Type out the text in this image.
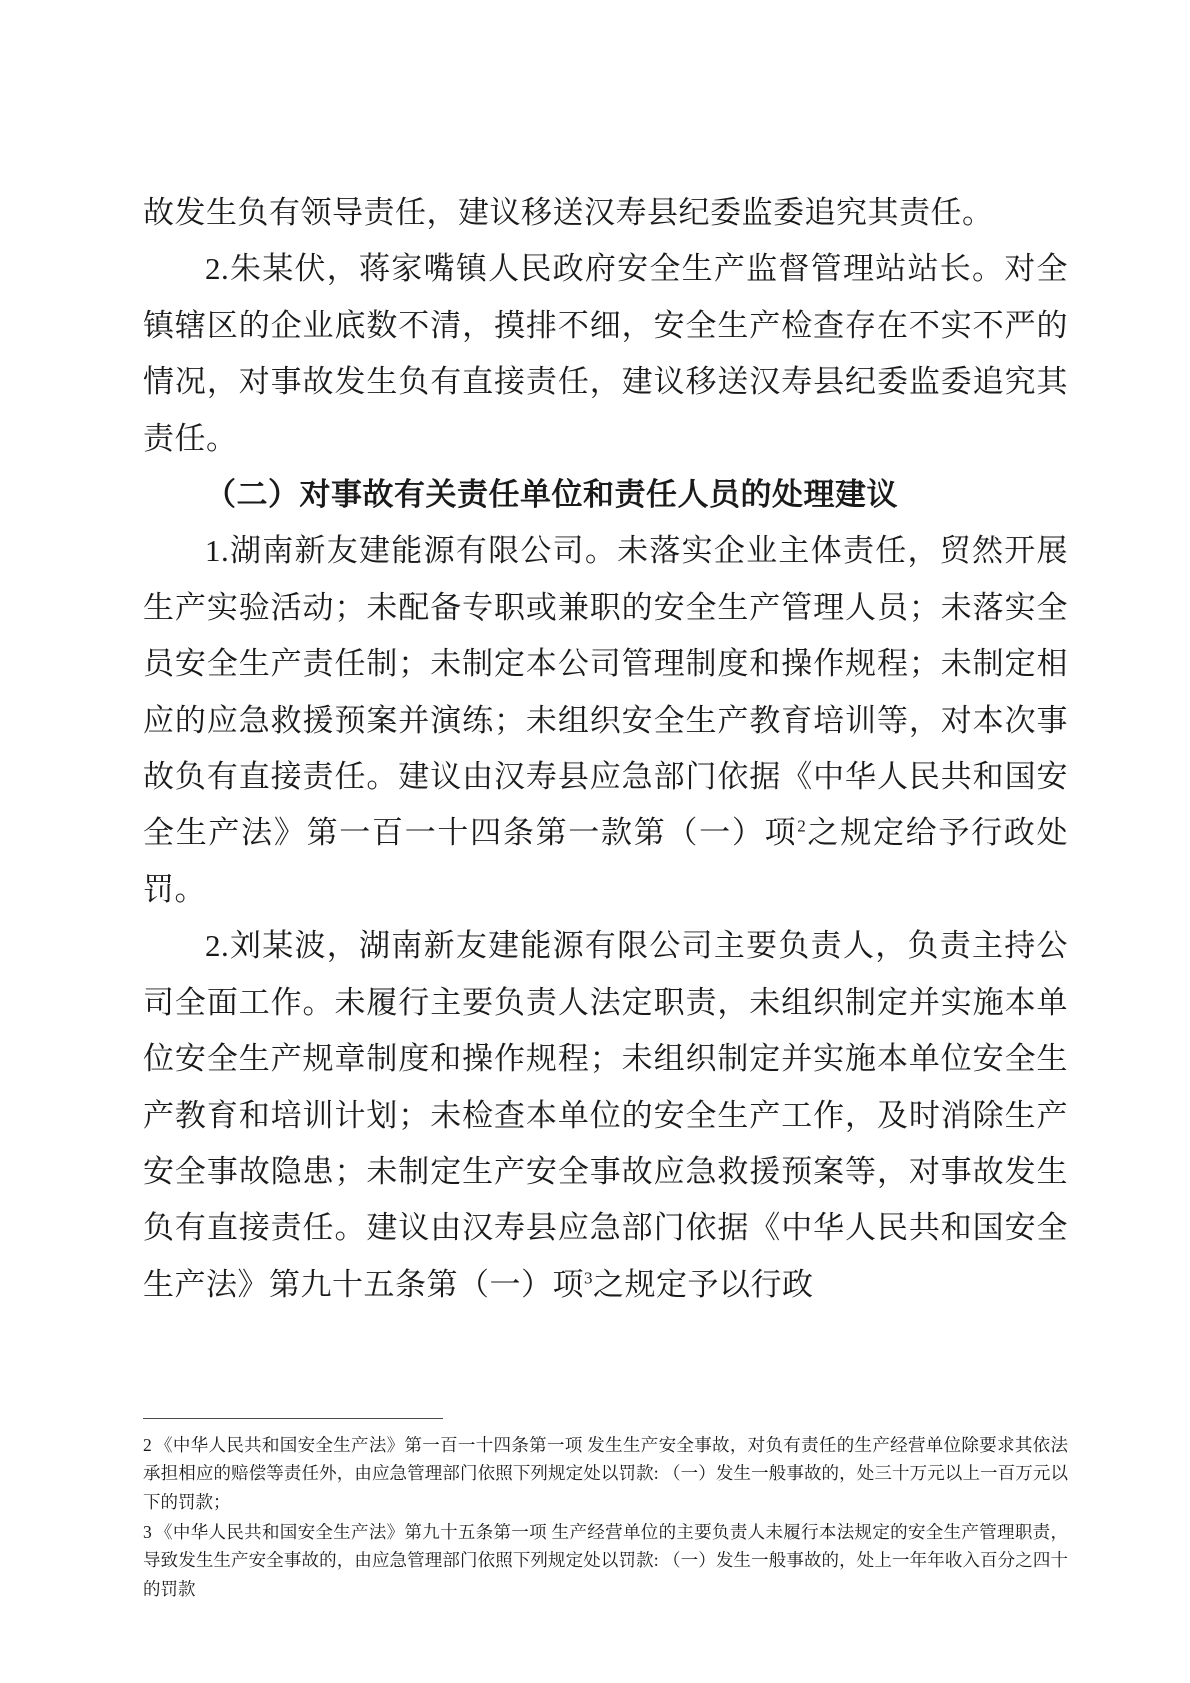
故发生负有领导责任，建议移送汉寿县纪委监委追究其责任。

2.朱某伏，蒋家嘴镇人民政府安全生产监督管理站站长。对全镇辖区的企业底数不清，摸排不细，安全生产检查存在不实不严的情况，对事故发生负有直接责任，建议移送汉寿县纪委监委追究其责任。

（二）对事故有关责任单位和责任人员的处理建议

1.湖南新友建能源有限公司。未落实企业主体责任，贸然开展生产实验活动；未配备专职或兼职的安全生产管理人员；未落实全员安全生产责任制；未制定本公司管理制度和操作规程；未制定相应的应急救援预案并演练；未组织安全生产教育培训等，对本次事故负有直接责任。建议由汉寿县应急部门依据《中华人民共和国安全生产法》第一百一十四条第一款第（一）项$^2$之规定给予行政处罚。

2.刘某波，湖南新友建能源有限公司主要负责人，负责主持公司全面工作。未履行主要负责人法定职责，未组织制定并实施本单位安全生产规章制度和操作规程；未组织制定并实施本单位安全生产教育和培训计划；未检查本单位的安全生产工作，及时消除生产安全事故隐患；未制定生产安全事故应急救援预案等，对事故发生负有直接责任。建议由汉寿县应急部门依据《中华人民共和国安全生产法》第九十五条第（一）项$^3$之规定予以行政

2 《中华人民共和国安全生产法》第一百一十四条第一项 发生生产安全事故，对负有责任的生产经营单位除要求其依法承担相应的赔偿等责任外，由应急管理部门依照下列规定处以罚款: （一）发生一般事故的，处三十万元以上一百万元以下的罚款；

3 《中华人民共和国安全生产法》第九十五条第一项 生产经营单位的主要负责人未履行本法规定的安全生产管理职责，导致发生生产安全事故的，由应急管理部门依照下列规定处以罚款: （一）发生一般事故的，处上一年年收入百分之四十的罚款
